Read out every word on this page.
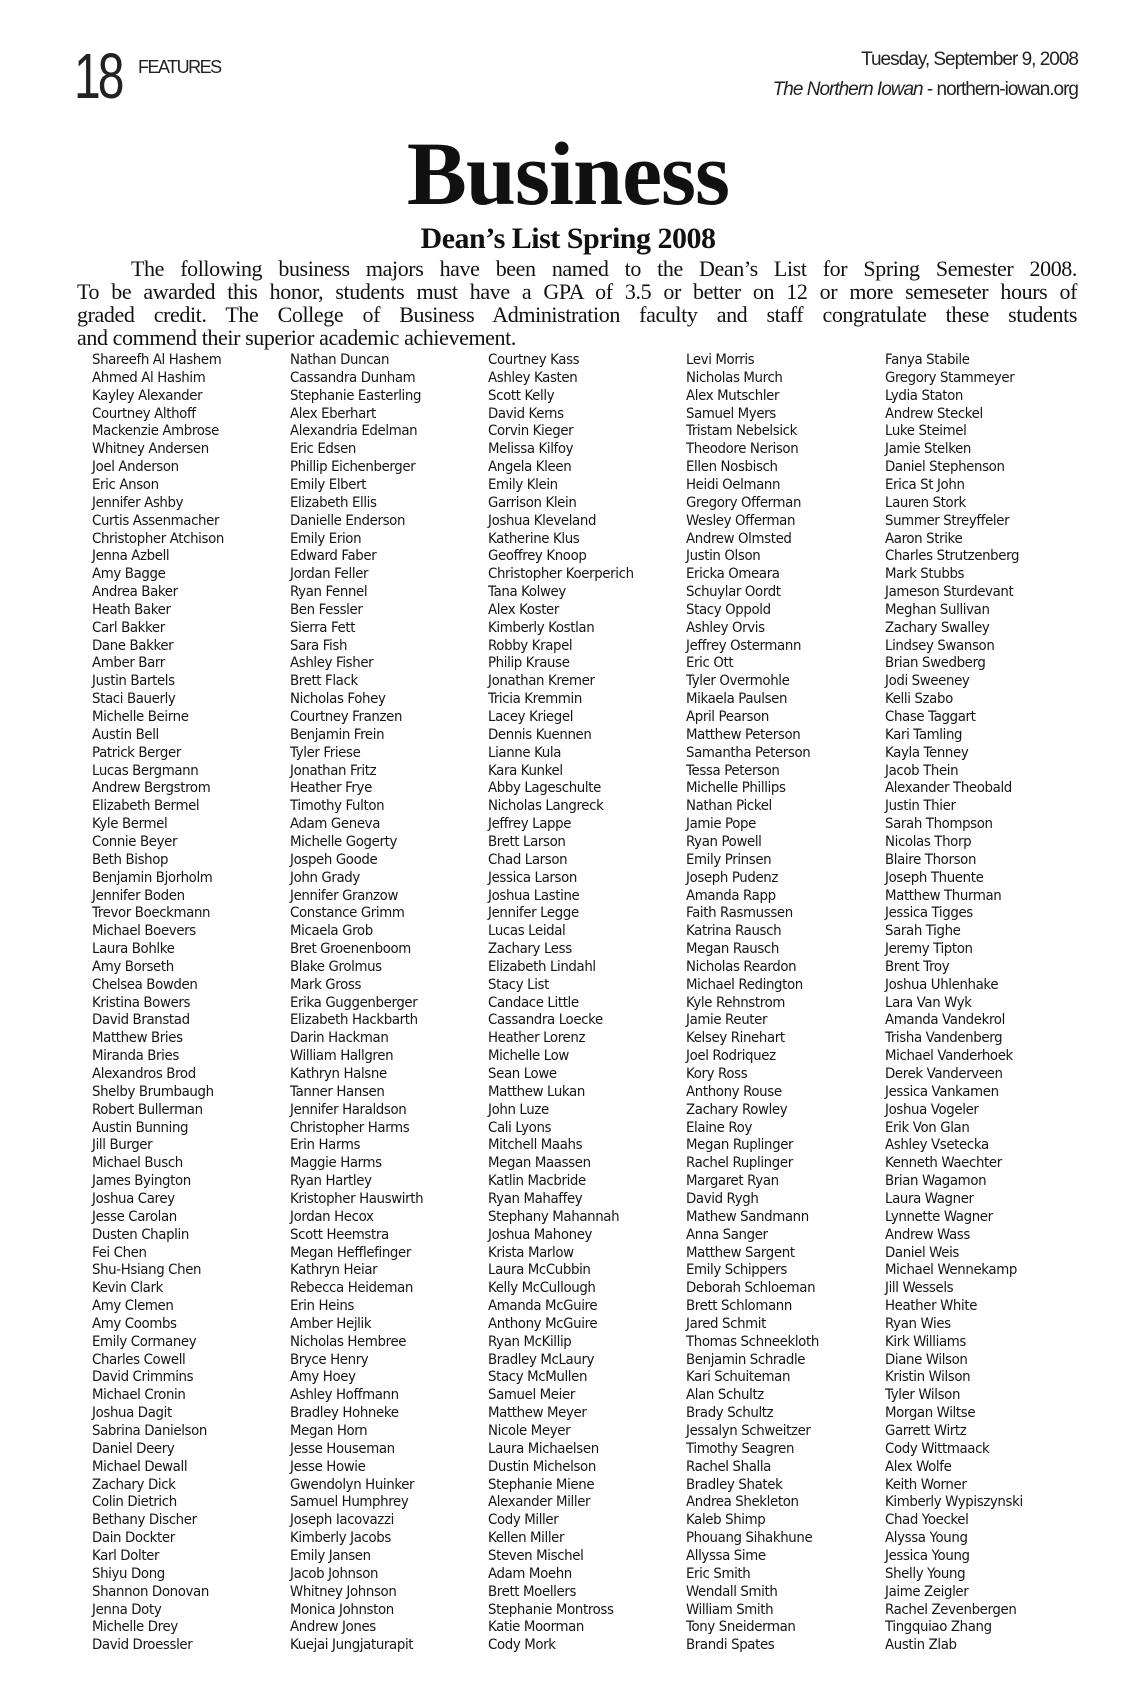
18 FEATURES	Tuesday, September 9, 2008
The Northern Iowan - northern-iowan.org
Business
Dean’s List Spring 2008
The following business majors have been named to the Dean’s List for Spring Semester 2008.
To be awarded this honor, students must have a GPA of 3.5 or better on 12 or more semeseter hours of
graded credit. The College of Business Administration faculty and staff congratulate these students
and commend their superior academic achievement.
Shareefh Al Hashem
Ahmed Al Hashim
Kayley Alexander
Courtney Althoff
Mackenzie Ambrose
Whitney Andersen
Joel Anderson
Eric Anson
Jennifer Ashby
Curtis Assenmacher
Christopher Atchison
Jenna Azbell
Amy Bagge
Andrea Baker
Heath Baker
Carl Bakker
Dane Bakker
Amber Barr
Justin Bartels
Staci Bauerly
Michelle Beirne
Austin Bell
Patrick Berger
Lucas Bergmann
Andrew Bergstrom
Elizabeth Bermel
Kyle Bermel
Connie Beyer
Beth Bishop
Benjamin Bjorholm
Jennifer Boden
Trevor Boeckmann
Michael Boevers
Laura Bohlke
Amy Borseth
Chelsea Bowden
Kristina Bowers
David Branstad
Matthew Bries
Miranda Bries
Alexandros Brod
Shelby Brumbaugh
Robert Bullerman
Austin Bunning
Jill Burger
Michael Busch
James Byington
Joshua Carey
Jesse Carolan
Dusten Chaplin
Fei Chen
Shu-Hsiang Chen
Kevin Clark
Amy Clemen
Amy Coombs
Emily Cormaney
Charles Cowell
David Crimmins
Michael Cronin
Joshua Dagit
Sabrina Danielson
Daniel Deery
Michael Dewall
Zachary Dick
Colin Dietrich
Bethany Discher
Dain Dockter
Karl Dolter
Shiyu Dong
Shannon Donovan
Jenna Doty
Michelle Drey
David Droessler
Nathan Duncan
Cassandra Dunham
Stephanie Easterling
Alex Eberhart
Alexandria Edelman
Eric Edsen
Phillip Eichenberger
Emily Elbert
Elizabeth Ellis
Danielle Enderson
Emily Erion
Edward Faber
Jordan Feller
Ryan Fennel
Ben Fessler
Sierra Fett
Sara Fish
Ashley Fisher
Brett Flack
Nicholas Fohey
Courtney Franzen
Benjamin Frein
Tyler Friese
Jonathan Fritz
Heather Frye
Timothy Fulton
Adam Geneva
Michelle Gogerty
Jospeh Goode
John Grady
Jennifer Granzow
Constance Grimm
Micaela Grob
Bret Groenenboom
Blake Grolmus
Mark Gross
Erika Guggenberger
Elizabeth Hackbarth
Darin Hackman
William Hallgren
Kathryn Halsne
Tanner Hansen
Jennifer Haraldson
Christopher Harms
Erin Harms
Maggie Harms
Ryan Hartley
Kristopher Hauswirth
Jordan Hecox
Scott Heemstra
Megan Hefflefinger
Kathryn Heiar
Rebecca Heideman
Erin Heins
Amber Hejlik
Nicholas Hembree
Bryce Henry
Amy Hoey
Ashley Hoffmann
Bradley Hohneke
Megan Horn
Jesse Houseman
Jesse Howie
Gwendolyn Huinker
Samuel Humphrey
Joseph Iacovazzi
Kimberly Jacobs
Emily Jansen
Jacob Johnson
Whitney Johnson
Monica Johnston
Andrew Jones
Kuejai Jungjaturapit
Courtney Kass
Ashley Kasten
Scott Kelly
David Kerns
Corvin Kieger
Melissa Kilfoy
Angela Kleen
Emily Klein
Garrison Klein
Joshua Kleveland
Katherine Klus
Geoffrey Knoop
Christopher Koerperich
Tana Kolwey
Alex Koster
Kimberly Kostlan
Robby Krapel
Philip Krause
Jonathan Kremer
Tricia Kremmin
Lacey Kriegel
Dennis Kuennen
Lianne Kula
Kara Kunkel
Abby Lageschulte
Nicholas Langreck
Jeffrey Lappe
Brett Larson
Chad Larson
Jessica Larson
Joshua Lastine
Jennifer Legge
Lucas Leidal
Zachary Less
Elizabeth Lindahl
Stacy List
Candace Little
Cassandra Loecke
Heather Lorenz
Michelle Low
Sean Lowe
Matthew Lukan
John Luze
Cali Lyons
Mitchell Maahs
Megan Maassen
Katlin Macbride
Ryan Mahaffey
Stephany Mahannah
Joshua Mahoney
Krista Marlow
Laura McCubbin
Kelly McCullough
Amanda McGuire
Anthony McGuire
Ryan McKillip
Bradley McLaury
Stacy McMullen
Samuel Meier
Matthew Meyer
Nicole Meyer
Laura Michaelsen
Dustin Michelson
Stephanie Miene
Alexander Miller
Cody Miller
Kellen Miller
Steven Mischel
Adam Moehn
Brett Moellers
Stephanie Montross
Katie Moorman
Cody Mork
Levi Morris
Nicholas Murch
Alex Mutschler
Samuel Myers
Tristam Nebelsick
Theodore Nerison
Ellen Nosbisch
Heidi Oelmann
Gregory Offerman
Wesley Offerman
Andrew Olmsted
Justin Olson
Ericka Omeara
Schuylar Oordt
Stacy Oppold
Ashley Orvis
Jeffrey Ostermann
Eric Ott
Tyler Overmohle
Mikaela Paulsen
April Pearson
Matthew Peterson
Samantha Peterson
Tessa Peterson
Michelle Phillips
Nathan Pickel
Jamie Pope
Ryan Powell
Emily Prinsen
Joseph Pudenz
Amanda Rapp
Faith Rasmussen
Katrina Rausch
Megan Rausch
Nicholas Reardon
Michael Redington
Kyle Rehnstrom
Jamie Reuter
Kelsey Rinehart
Joel Rodriquez
Kory Ross
Anthony Rouse
Zachary Rowley
Elaine Roy
Megan Ruplinger
Rachel Ruplinger
Margaret Ryan
David Rygh
Mathew Sandmann
Anna Sanger
Matthew Sargent
Emily Schippers
Deborah Schloeman
Brett Schlomann
Jared Schmit
Thomas Schneekloth
Benjamin Schradle
Kari Schuiteman
Alan Schultz
Brady Schultz
Jessalyn Schweitzer
Timothy Seagren
Rachel Shalla
Bradley Shatek
Andrea Shekleton
Kaleb Shimp
Phouang Sihakhune
Allyssa Sime
Eric Smith
Wendall Smith
William Smith
Tony Sneiderman
Brandi Spates
Fanya Stabile
Gregory Stammeyer
Lydia Staton
Andrew Steckel
Luke Steimel
Jamie Stelken
Daniel Stephenson
Erica St John
Lauren Stork
Summer Streyffeler
Aaron Strike
Charles Strutzenberg
Mark Stubbs
Jameson Sturdevant
Meghan Sullivan
Zachary Swalley
Lindsey Swanson
Brian Swedberg
Jodi Sweeney
Kelli Szabo
Chase Taggart
Kari Tamling
Kayla Tenney
Jacob Thein
Alexander Theobald
Justin Thier
Sarah Thompson
Nicolas Thorp
Blaire Thorson
Joseph Thuente
Matthew Thurman
Jessica Tigges
Sarah Tighe
Jeremy Tipton
Brent Troy
Joshua Uhlenhake
Lara Van Wyk
Amanda Vandekrol
Trisha Vandenberg
Michael Vanderhoek
Derek Vanderveen
Jessica Vankamen
Joshua Vogeler
Erik Von Glan
Ashley Vsetecka
Kenneth Waechter
Brian Wagamon
Laura Wagner
Lynnette Wagner
Andrew Wass
Daniel Weis
Michael Wennekamp
Jill Wessels
Heather White
Ryan Wies
Kirk Williams
Diane Wilson
Kristin Wilson
Tyler Wilson
Morgan Wiltse
Garrett Wirtz
Cody Wittmaack
Alex Wolfe
Keith Worner
Kimberly Wypiszynski
Chad Yoeckel
Alyssa Young
Jessica Young
Shelly Young
Jaime Zeigler
Rachel Zevenbergen
Tingquiao Zhang
Austin Zlab
